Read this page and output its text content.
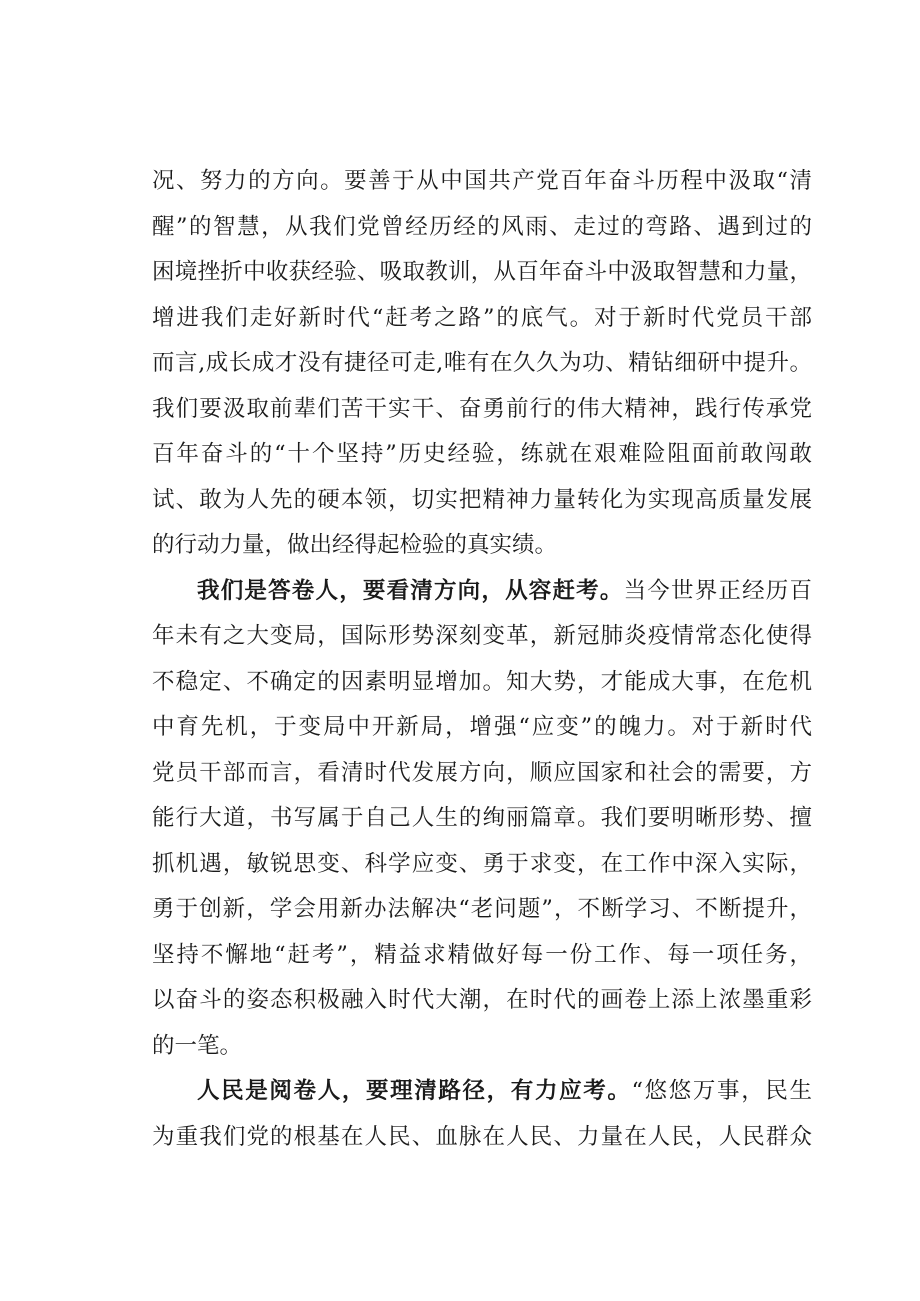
况、努力的方向。要善于从中国共产党百年奋斗历程中汲取“清
醒”的智慧，从我们党曾经历经的风雨、走过的弯路、遇到过的
困境挫折中收获经验、吸取教训，从百年奋斗中汲取智慧和力量，
增进我们走好新时代“赶考之路”的底气。对于新时代党员干部
而言,成长成才没有捷径可走,唯有在久久为功、精钻细研中提升。
我们要汲取前辈们苦干实干、奋勇前行的伟大精神，践行传承党
百年奋斗的“十个坚持”历史经验，练就在艰难险阻面前敢闯敢
试、敢为人先的硬本领，切实把精神力量转化为实现高质量发展
的行动力量，做出经得起检验的真实绩。
我们是答卷人，要看清方向，从容赶考。当今世界正经历百
年未有之大变局，国际形势深刻变革，新冠肺炎疫情常态化使得
不稳定、不确定的因素明显增加。知大势，才能成大事，在危机
中育先机，于变局中开新局，增强“应变”的魄力。对于新时代
党员干部而言，看清时代发展方向，顺应国家和社会的需要，方
能行大道，书写属于自己人生的绚丽篇章。我们要明晰形势、擅
抓机遇，敏锐思变、科学应变、勇于求变，在工作中深入实际，
勇于创新，学会用新办法解决“老问题”，不断学习、不断提升，
坚持不懈地“赶考”，精益求精做好每一份工作、每一项任务，
以奋斗的姿态积极融入时代大潮，在时代的画卷上添上浓墨重彩
的一笔。
人民是阅卷人，要理清路径，有力应考。“悠悠万事，民生
为重我们党的根基在人民、血脉在人民、力量在人民，人民群众
